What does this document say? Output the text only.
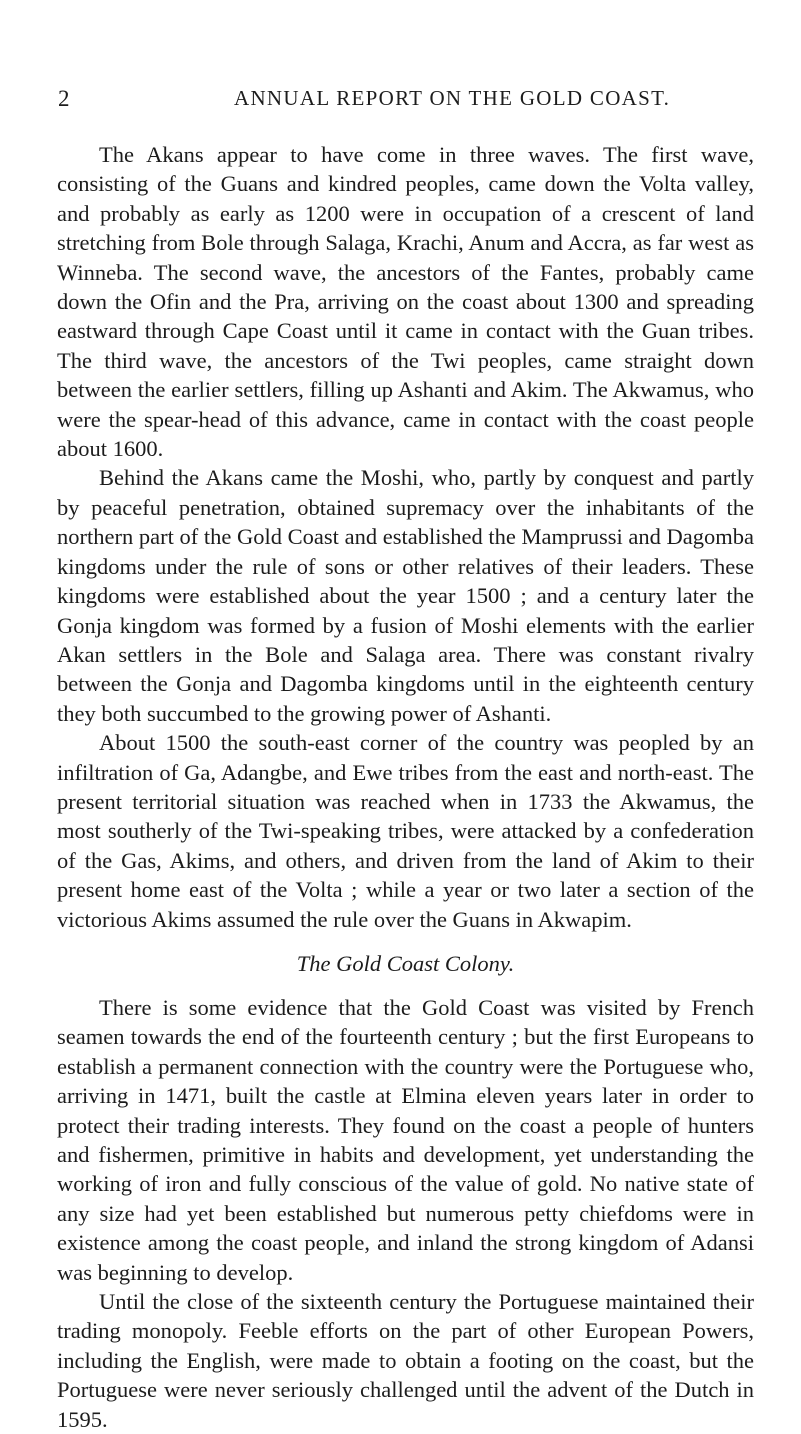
2	ANNUAL REPORT ON THE GOLD COAST.

The Akans appear to have come in three waves. The first wave, consisting of the Guans and kindred peoples, came down the Volta valley, and probably as early as 1200 were in occupation of a crescent of land stretching from Bole through Salaga, Krachi, Anum and Accra, as far west as Winneba. The second wave, the ancestors of the Fantes, probably came down the Ofin and the Pra, arriving on the coast about 1300 and spreading eastward through Cape Coast until it came in contact with the Guan tribes. The third wave, the ancestors of the Twi peoples, came straight down between the earlier settlers, filling up Ashanti and Akim. The Akwamus, who were the spear-head of this advance, came in contact with the coast people about 1600.

Behind the Akans came the Moshi, who, partly by conquest and partly by peaceful penetration, obtained supremacy over the inhabitants of the northern part of the Gold Coast and established the Mamprussi and Dagomba kingdoms under the rule of sons or other relatives of their leaders. These kingdoms were established about the year 1500 ; and a century later the Gonja kingdom was formed by a fusion of Moshi elements with the earlier Akan settlers in the Bole and Salaga area. There was constant rivalry between the Gonja and Dagomba kingdoms until in the eighteenth century they both succumbed to the growing power of Ashanti.

About 1500 the south-east corner of the country was peopled by an infiltration of Ga, Adangbe, and Ewe tribes from the east and north-east. The present territorial situation was reached when in 1733 the Akwamus, the most southerly of the Twi-speaking tribes, were attacked by a confederation of the Gas, Akims, and others, and driven from the land of Akim to their present home east of the Volta ; while a year or two later a section of the victorious Akims assumed the rule over the Guans in Akwapim.

The Gold Coast Colony.

There is some evidence that the Gold Coast was visited by French seamen towards the end of the fourteenth century ; but the first Europeans to establish a permanent connection with the country were the Portuguese who, arriving in 1471, built the castle at Elmina eleven years later in order to protect their trading interests. They found on the coast a people of hunters and fishermen, primitive in habits and development, yet understanding the working of iron and fully conscious of the value of gold. No native state of any size had yet been established but numerous petty chiefdoms were in existence among the coast people, and inland the strong kingdom of Adansi was beginning to develop.

Until the close of the sixteenth century the Portuguese maintained their trading monopoly. Feeble efforts on the part of other European Powers, including the English, were made to obtain a footing on the coast, but the Portuguese were never seriously challenged until the advent of the Dutch in 1595.
